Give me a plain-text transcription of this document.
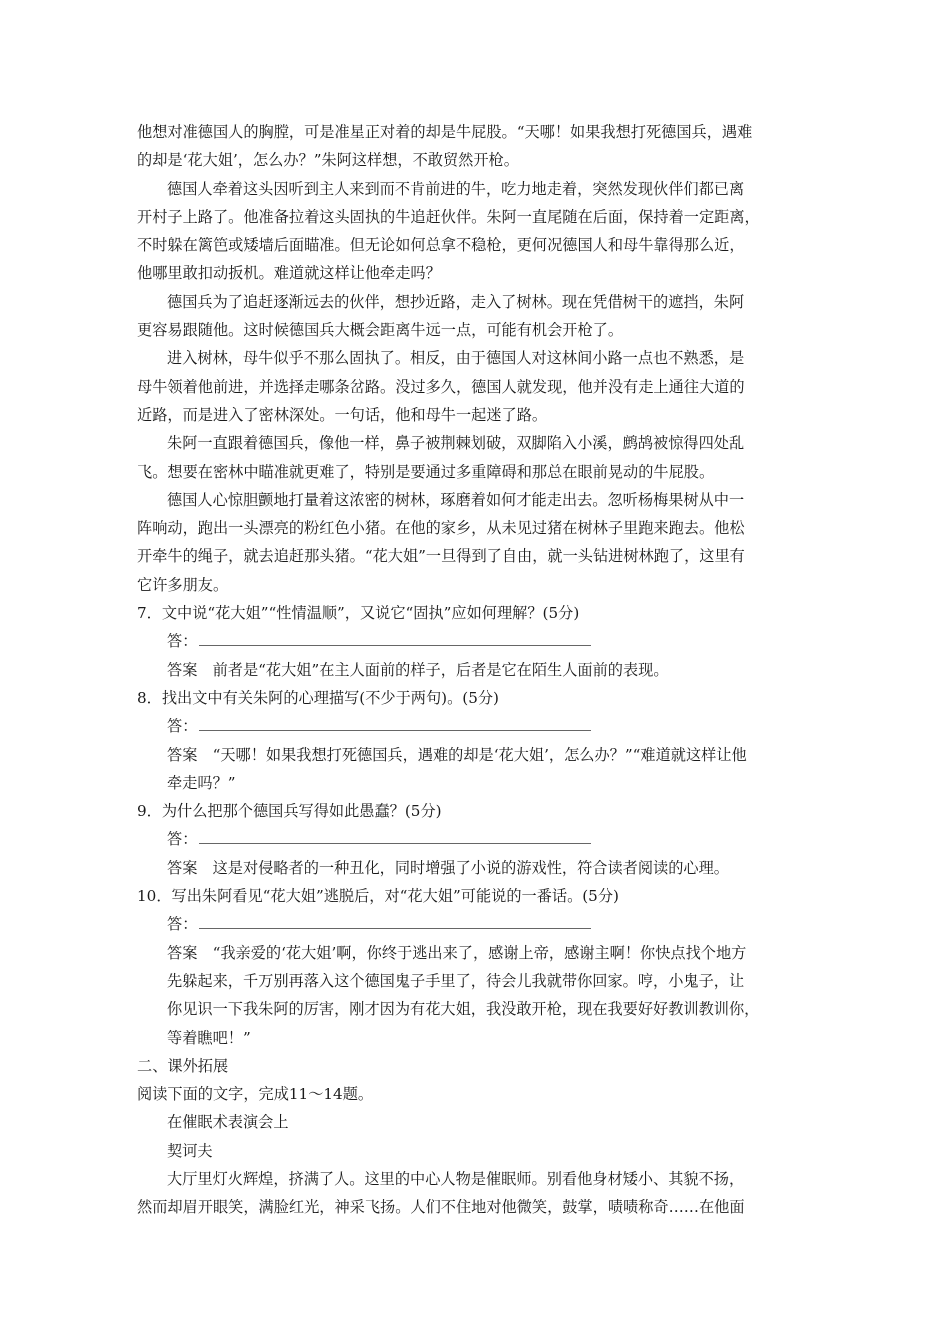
他想对准德国人的胸膛，可是准星正对着的却是牛屁股。“天哪！如果我想打死德国兵，遇难
的却是‘花大姐’，怎么办？”朱阿这样想，不敢贸然开枪。
德国人牵着这头因听到主人来到而不肯前进的牛，吃力地走着，突然发现伙伴们都已离
开村子上路了。他准备拉着这头固执的牛追赶伙伴。朱阿一直尾随在后面，保持着一定距离，
不时躲在篱笆或矮墙后面瞄准。但无论如何总拿不稳枪，更何况德国人和母牛靠得那么近，
他哪里敢扣动扳机。难道就这样让他牵走吗？
德国兵为了追赶逐渐远去的伙伴，想抄近路，走入了树林。现在凭借树干的遮挡，朱阿
更容易跟随他。这时候德国兵大概会距离牛远一点，可能有机会开枪了。
进入树林，母牛似乎不那么固执了。相反，由于德国人对这林间小路一点也不熟悉，是
母牛领着他前进，并选择走哪条岔路。没过多久，德国人就发现，他并没有走上通往大道的
近路，而是进入了密林深处。一句话，他和母牛一起迷了路。
朱阿一直跟着德国兵，像他一样，鼻子被荆棘划破，双脚陷入小溪，鹧鸪被惊得四处乱
飞。想要在密林中瞄准就更难了，特别是要通过多重障碍和那总在眼前晃动的牛屁股。
德国人心惊胆颤地打量着这浓密的树林，琢磨着如何才能走出去。忽听杨梅果树从中一
阵响动，跑出一头漂亮的粉红色小猪。在他的家乡，从未见过猪在树林子里跑来跑去。他松
开牵牛的绳子，就去追赶那头猪。“花大姐”一旦得到了自由，就一头钻进树林跑了，这里有
它许多朋友。
7．文中说“花大姐”“性情温顺”，又说它“固执”应如何理解？(5分)
答：
答案　前者是“花大姐”在主人面前的样子，后者是它在陌生人面前的表现。
8．找出文中有关朱阿的心理描写(不少于两句)。(5分)
答：
答案　“天哪！如果我想打死德国兵，遇难的却是‘花大姐’，怎么办？”“难道就这样让他
牵走吗？”
9．为什么把那个德国兵写得如此愚蠢？(5分)
答：
答案　这是对侵略者的一种丑化，同时增强了小说的游戏性，符合读者阅读的心理。
10．写出朱阿看见“花大姐”逃脱后，对“花大姐”可能说的一番话。(5分)
答：
答案　“我亲爱的‘花大姐’啊，你终于逃出来了，感谢上帝，感谢主啊！你快点找个地方
先躲起来，千万别再落入这个德国鬼子手里了，待会儿我就带你回家。哼，小鬼子，让
你见识一下我朱阿的厉害，刚才因为有花大姐，我没敢开枪，现在我要好好教训教训你，
等着瞧吧！”
二、课外拓展
阅读下面的文字，完成11～14题。
在催眠术表演会上
契诃夫
大厅里灯火辉煌，挤满了人。这里的中心人物是催眠师。别看他身材矮小、其貌不扬，
然而却眉开眼笑，满脸红光，神采飞扬。人们不住地对他微笑，鼓掌，啧啧称奇……在他面
